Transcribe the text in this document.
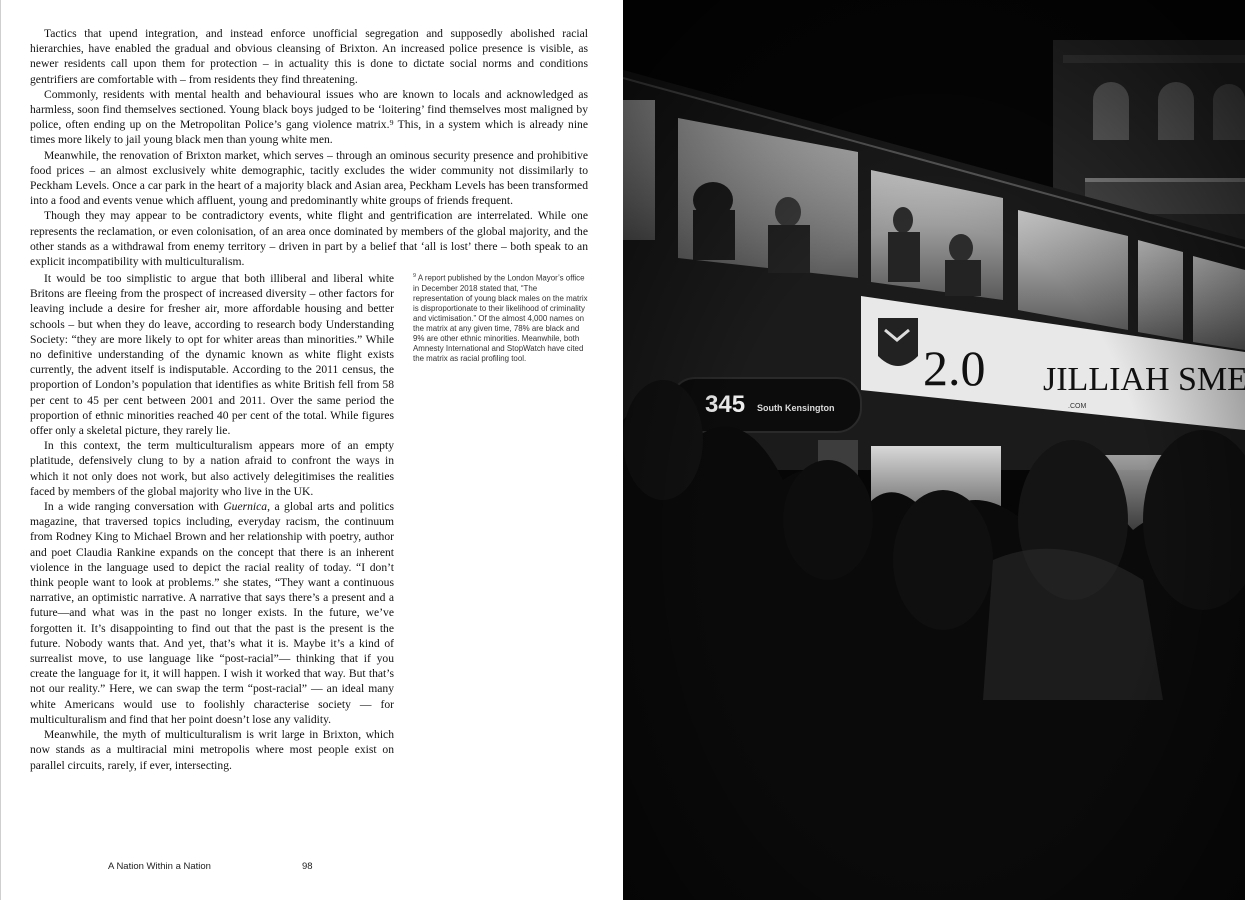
Tactics that upend integration, and instead enforce unofficial segregation and supposedly abolished racial hierarchies, have enabled the gradual and obvious cleansing of Brixton. An increased police presence is visible, as newer residents call upon them for protection – in actuality this is done to dictate social norms and conditions gentrifiers are comfortable with – from residents they find threatening.

Commonly, residents with mental health and behavioural issues who are known to locals and acknowledged as harmless, soon find themselves sectioned. Young black boys judged to be ‘loitering’ find themselves most maligned by police, often ending up on the Metropolitan Police’s gang violence matrix.⁹ This, in a system which is already nine times more likely to jail young black men than young white men.

Meanwhile, the renovation of Brixton market, which serves – through an ominous security presence and prohibitive food prices – an almost exclusively white demographic, tacitly excludes the wider community not dissimilarly to Peckham Levels. Once a car park in the heart of a majority black and Asian area, Peckham Levels has been transformed into a food and events venue which affluent, young and predominantly white groups of friends frequent.

Though they may appear to be contradictory events, white flight and gentrification are interrelated. While one represents the reclamation, or even colonisation, of an area once dominated by members of the global majority, and the other stands as a withdrawal from enemy territory – driven in part by a belief that ‘all is lost’ there – both speak to an explicit incompatibility with multiculturalism.

It would be too simplistic to argue that both illiberal and liberal white Britons are fleeing from the prospect of increased diversity – other factors for leaving include a desire for fresher air, more affordable housing and better schools – but when they do leave, according to research body Understanding Society: “they are more likely to opt for whiter areas than minorities.” While no definitive understanding of the dynamic known as white flight exists currently, the advent itself is indisputable. According to the 2011 census, the proportion of London’s population that identifies as white British fell from 58 per cent to 45 per cent between 2001 and 2011. Over the same period the proportion of ethnic minorities reached 40 per cent of the total. While figures offer only a skeletal picture, they rarely lie.

In this context, the term multiculturalism appears more of an empty platitude, defensively clung to by a nation afraid to confront the ways in which it not only does not work, but also actively delegitimises the realities faced by members of the global majority who live in the UK.

In a wide ranging conversation with Guernica, a global arts and politics magazine, that traversed topics including, everyday racism, the continuum from Rodney King to Michael Brown and her relationship with poetry, author and poet Claudia Rankine expands on the concept that there is an inherent violence in the language used to depict the racial reality of today. “I don’t think people want to look at problems.” she states, “They want a continuous narrative, an optimistic narrative. A narrative that says there’s a present and a future—and what was in the past no longer exists. In the future, we’ve forgotten it. It’s disappointing to find out that the past is the present is the future. Nobody wants that. And yet, that’s what it is. Maybe it’s a kind of surrealist move, to use language like “post-racial”— thinking that if you create the language for it, it will happen. I wish it worked that way. But that’s not our reality.” Here, we can swap the term “post-racial” — an ideal many white Americans would use to foolishly characterise society — for multiculturalism and find that her point doesn’t lose any validity.

Meanwhile, the myth of multiculturalism is writ large in Brixton, which now stands as a multiracial mini metropolis where most people exist on parallel circuits, rarely, if ever, intersecting.

$^9$ A report published by the London Mayor’s office in December 2018 stated that, “The representation of young black males on the matrix is disproportionate to their likelihood of criminality and victimisation.” Of the almost 4,000 names on the matrix at any given time, 78% are black and 9% are other ethnic minorities. Meanwhile, both Amnesty International and StopWatch have cited the matrix as racial profiling tool.
A Nation Within a Nation	98
